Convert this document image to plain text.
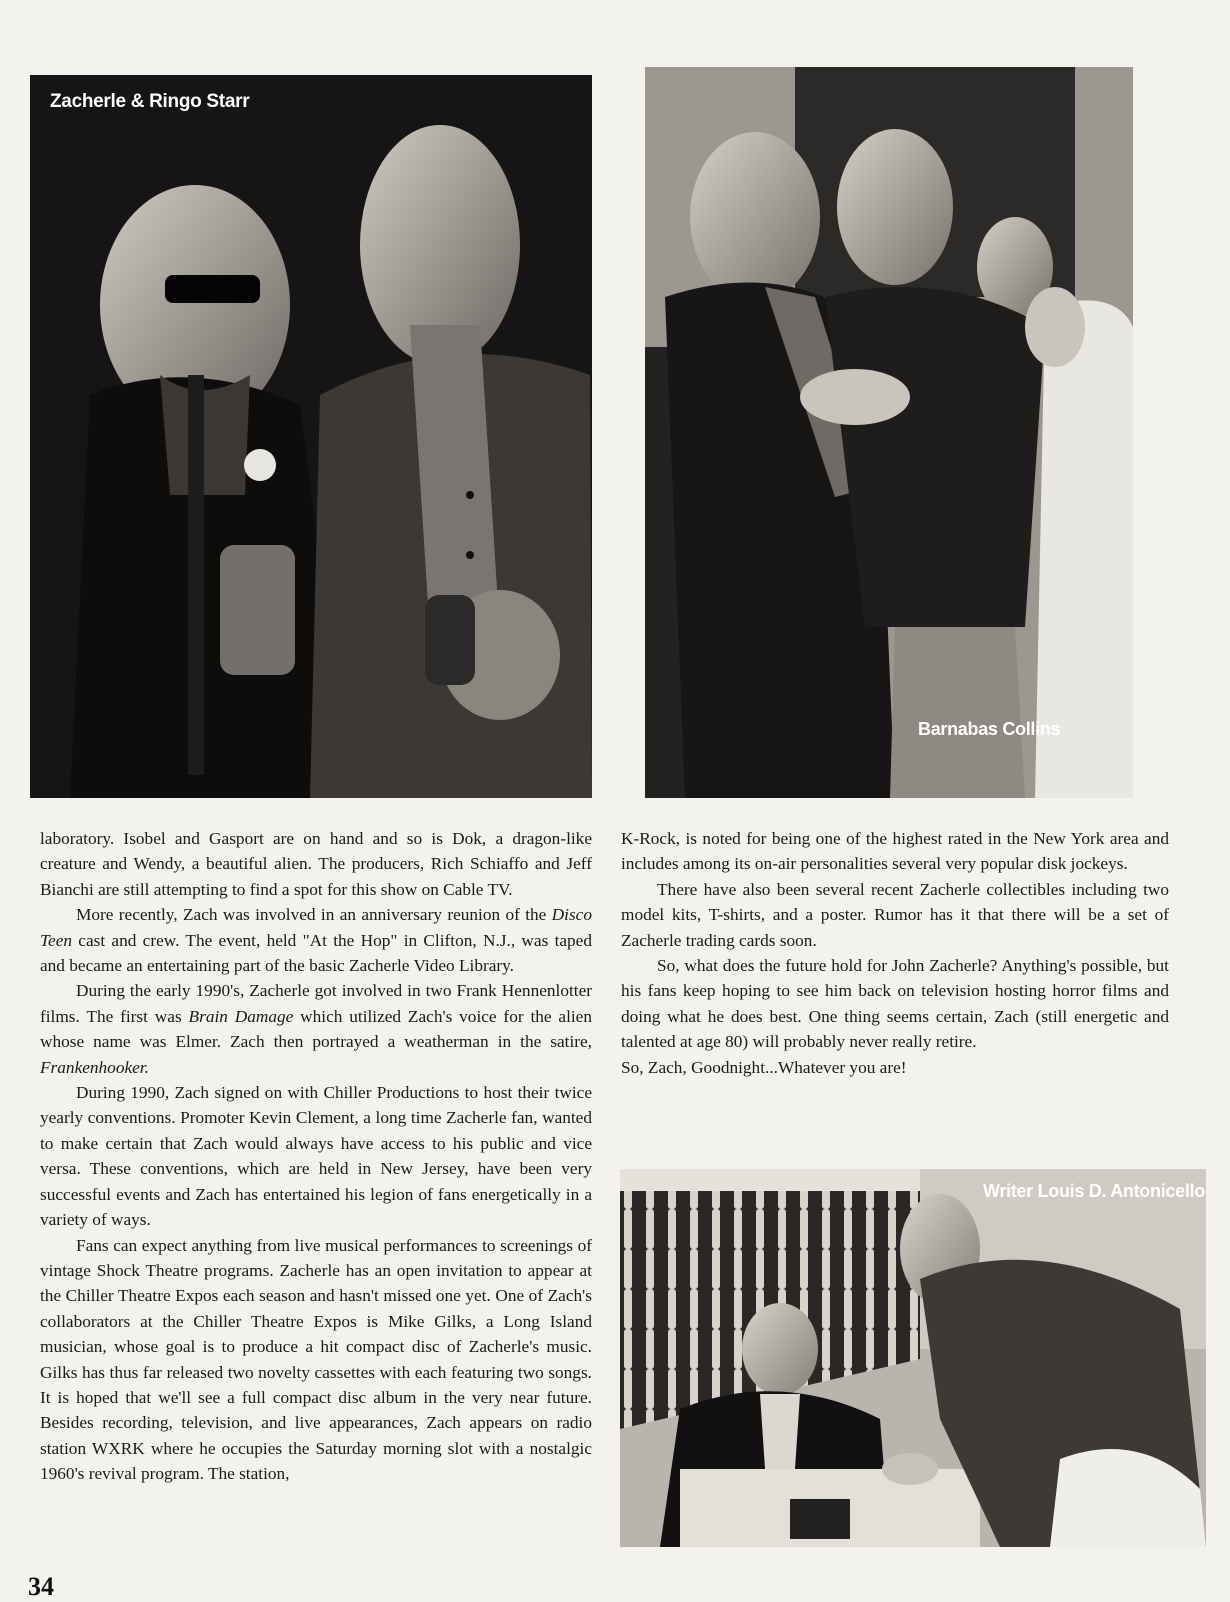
Zacherle & Ringo Starr
Barnabas Collins

laboratory. Isobel and Gasport are on hand and so is Dok, a dragon-like creature and Wendy, a beautiful alien. The producers, Rich Schiaffo and Jeff Bianchi are still attempting to find a spot for this show on Cable TV.

More recently, Zach was involved in an anniversary reunion of the Disco Teen cast and crew. The event, held "At the Hop" in Clifton, N.J., was taped and became an entertaining part of the basic Zacherle Video Library.

During the early 1990's, Zacherle got involved in two Frank Hennenlotter films. The first was Brain Damage which utilized Zach's voice for the alien whose name was Elmer. Zach then portrayed a weatherman in the satire, Frankenhooker.

During 1990, Zach signed on with Chiller Productions to host their twice yearly conventions. Promoter Kevin Clement, a long time Zacherle fan, wanted to make certain that Zach would always have access to his public and vice versa. These conventions, which are held in New Jersey, have been very successful events and Zach has entertained his legion of fans energetically in a variety of ways.

Fans can expect anything from live musical performances to screenings of vintage Shock Theatre programs. Zacherle has an open invitation to appear at the Chiller Theatre Expos each season and hasn't missed one yet. One of Zach's collaborators at the Chiller Theatre Expos is Mike Gilks, a Long Island musician, whose goal is to produce a hit compact disc of Zacherle's music. Gilks has thus far released two novelty cassettes with each featuring two songs. It is hoped that we'll see a full compact disc album in the very near future. Besides recording, television, and live appearances, Zach appears on radio station WXRK where he occupies the Saturday morning slot with a nostalgic 1960's revival program. The station,

K-Rock, is noted for being one of the highest rated in the New York area and includes among its on-air personalities several very popular disk jockeys.

There have also been several recent Zacherle collectibles including two model kits, T-shirts, and a poster. Rumor has it that there will be a set of Zacherle trading cards soon.

So, what does the future hold for John Zacherle? Anything's possible, but his fans keep hoping to see him back on television hosting horror films and doing what he does best. One thing seems certain, Zach (still energetic and talented at age 80) will probably never really retire.

So, Zach, Goodnight...Whatever you are!

Writer Louis D. Antonicello
34
